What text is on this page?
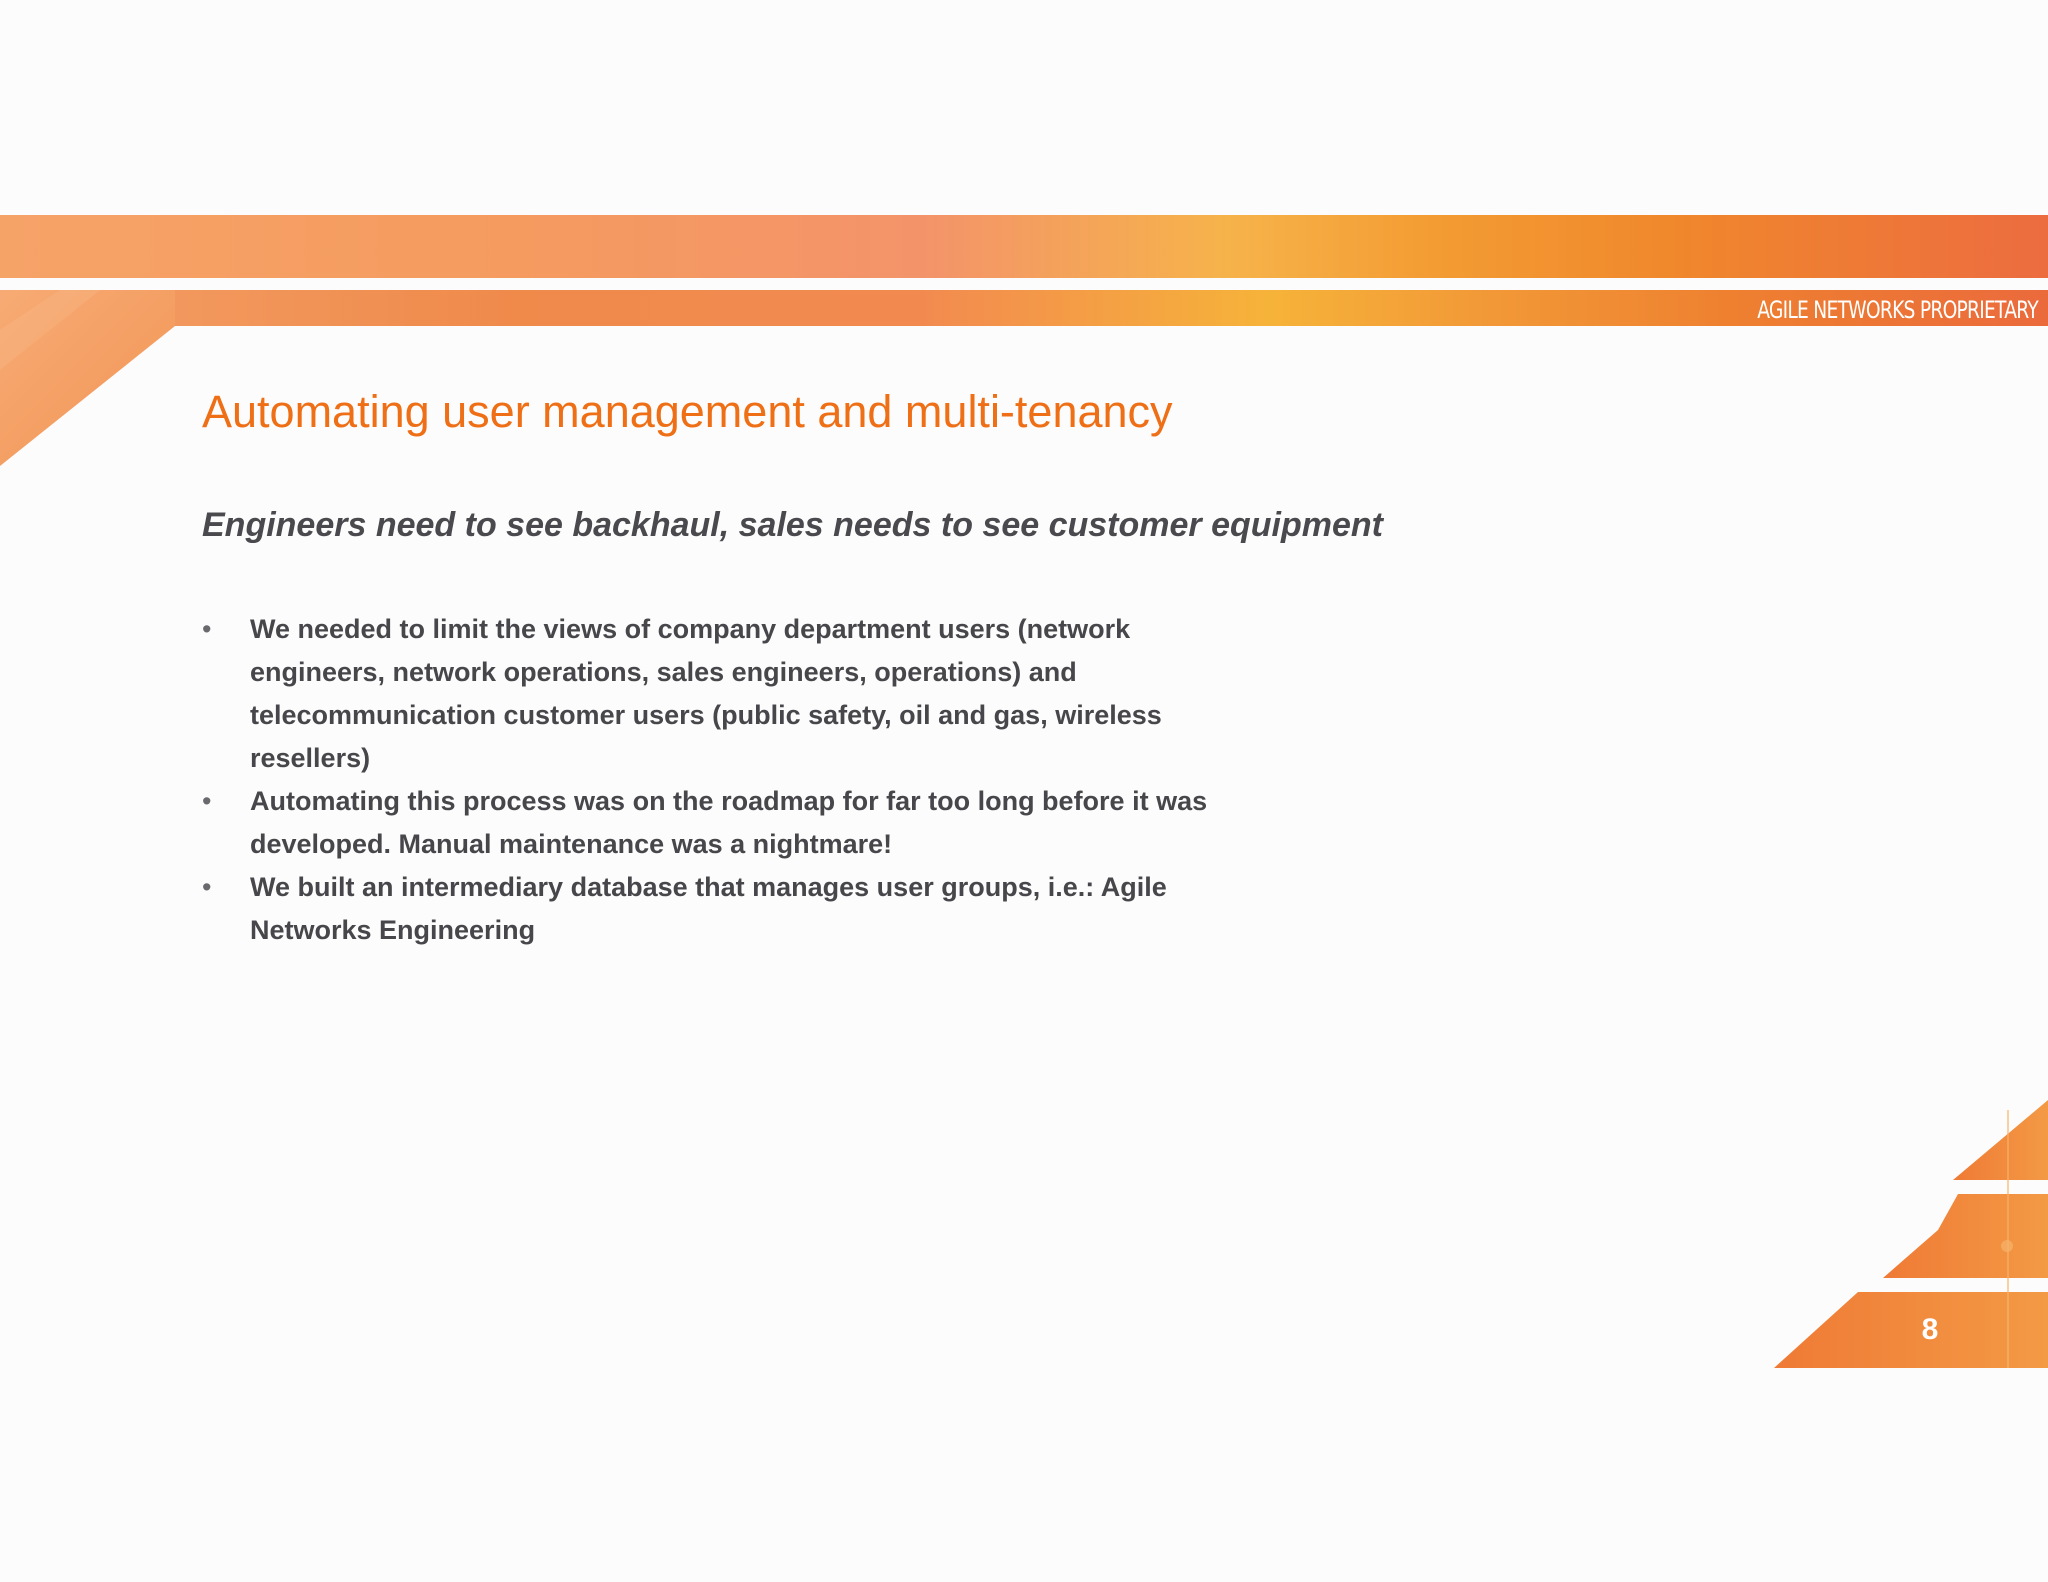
AGILE NETWORKS PROPRIETARY
Automating user management and multi-tenancy
Engineers need to see backhaul, sales needs to see customer equipment
• We needed to limit the views of company department users (network engineers, network operations, sales engineers, operations) and telecommunication customer users (public safety, oil and gas, wireless resellers)
• Automating this process was on the roadmap for far too long before it was developed. Manual maintenance was a nightmare!
• We built an intermediary database that manages user groups, i.e.: Agile Networks Engineering
8
